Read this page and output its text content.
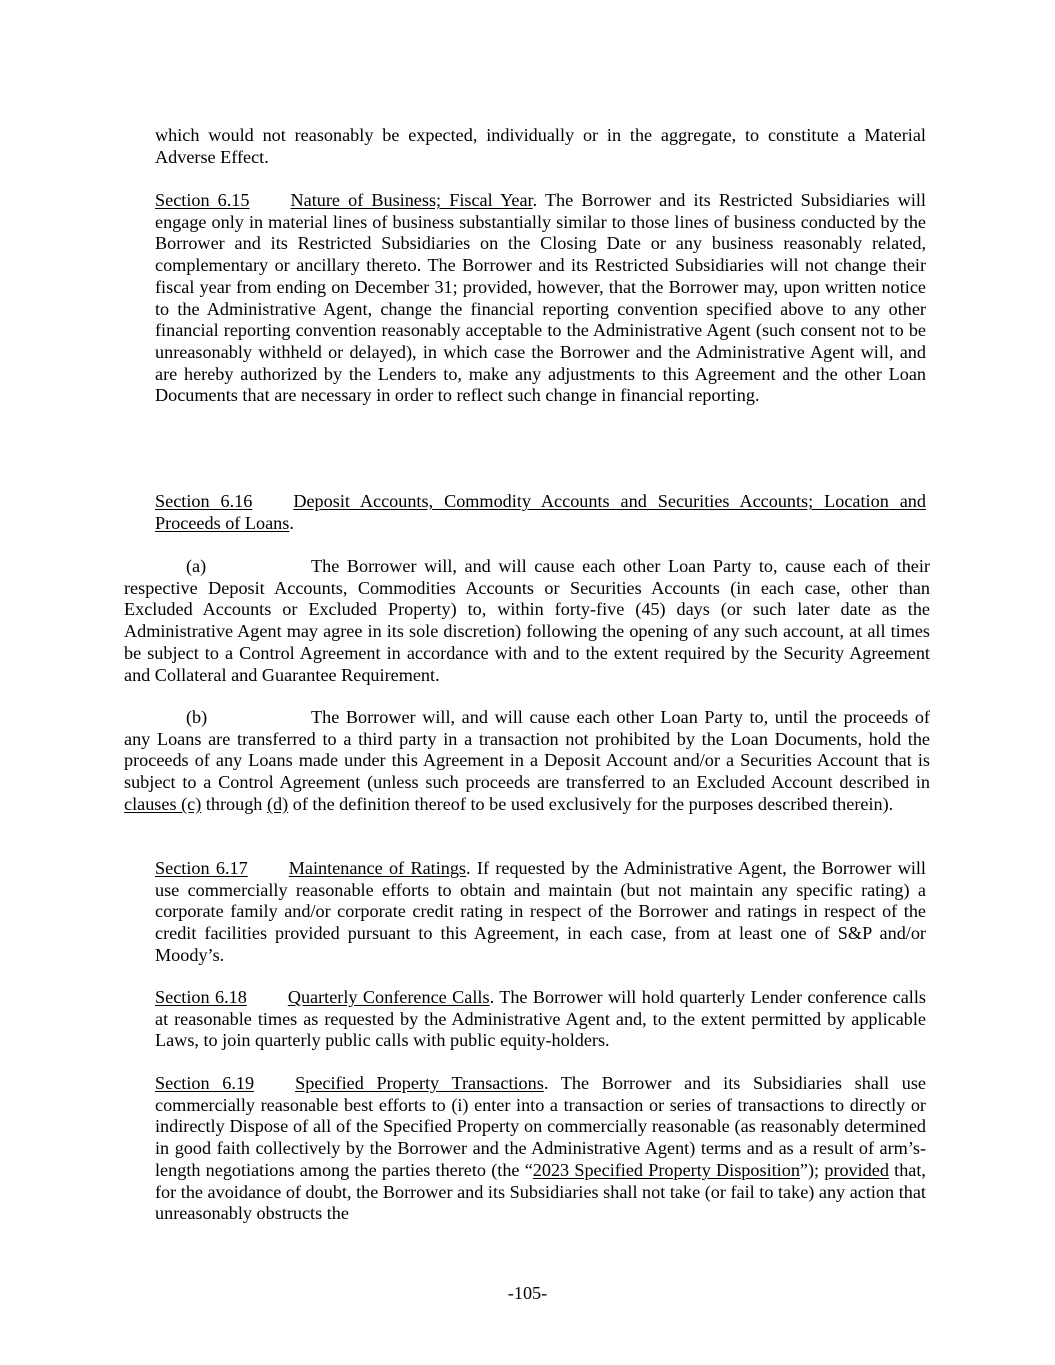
which would not reasonably be expected, individually or in the aggregate, to constitute a Material Adverse Effect.

Section 6.15 Nature of Business; Fiscal Year. The Borrower and its Restricted Subsidiaries will engage only in material lines of business substantially similar to those lines of business conducted by the Borrower and its Restricted Subsidiaries on the Closing Date or any business reasonably related, complementary or ancillary thereto. The Borrower and its Restricted Subsidiaries will not change their fiscal year from ending on December 31; provided, however, that the Borrower may, upon written notice to the Administrative Agent, change the financial reporting convention specified above to any other financial reporting convention reasonably acceptable to the Administrative Agent (such consent not to be unreasonably withheld or delayed), in which case the Borrower and the Administrative Agent will, and are hereby authorized by the Lenders to, make any adjustments to this Agreement and the other Loan Documents that are necessary in order to reflect such change in financial reporting.

Section 6.16 Deposit Accounts, Commodity Accounts and Securities Accounts; Location and Proceeds of Loans.

(a)	The Borrower will, and will cause each other Loan Party to, cause each of their respective Deposit Accounts, Commodities Accounts or Securities Accounts (in each case, other than Excluded Accounts or Excluded Property) to, within forty-five (45) days (or such later date as the Administrative Agent may agree in its sole discretion) following the opening of any such account, at all times be subject to a Control Agreement in accordance with and to the extent required by the Security Agreement and Collateral and Guarantee Requirement.

(b)	The Borrower will, and will cause each other Loan Party to, until the proceeds of any Loans are transferred to a third party in a transaction not prohibited by the Loan Documents, hold the proceeds of any Loans made under this Agreement in a Deposit Account and/or a Securities Account that is subject to a Control Agreement (unless such proceeds are transferred to an Excluded Account described in clauses (c) through (d) of the definition thereof to be used exclusively for the purposes described therein).

Section 6.17 Maintenance of Ratings. If requested by the Administrative Agent, the Borrower will use commercially reasonable efforts to obtain and maintain (but not maintain any specific rating) a corporate family and/or corporate credit rating in respect of the Borrower and ratings in respect of the credit facilities provided pursuant to this Agreement, in each case, from at least one of S&P and/or Moody’s.

Section 6.18 Quarterly Conference Calls. The Borrower will hold quarterly Lender conference calls at reasonable times as requested by the Administrative Agent and, to the extent permitted by applicable Laws, to join quarterly public calls with public equity-holders.

Section 6.19 Specified Property Transactions. The Borrower and its Subsidiaries shall use commercially reasonable best efforts to (i) enter into a transaction or series of transactions to directly or indirectly Dispose of all of the Specified Property on commercially reasonable (as reasonably determined in good faith collectively by the Borrower and the Administrative Agent) terms and as a result of arm’s-length negotiations among the parties thereto (the “2023 Specified Property Disposition”); provided that, for the avoidance of doubt, the Borrower and its Subsidiaries shall not take (or fail to take) any action that unreasonably obstructs the

-105-
